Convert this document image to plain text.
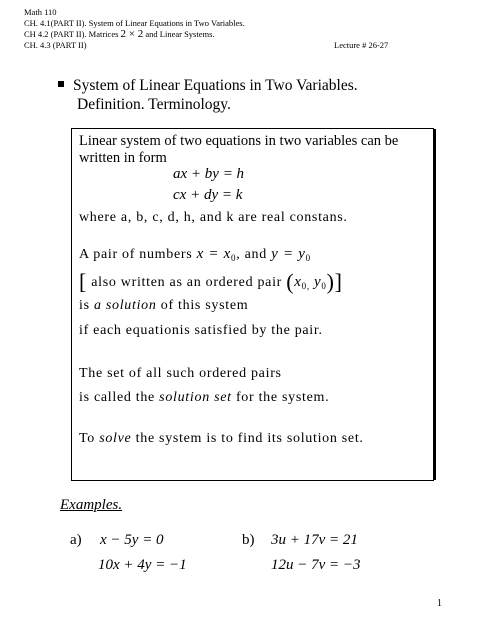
Math 110
CH. 4.1(PART II). System of Linear Equations in Two Variables.
CH 4.2 (PART II). Matrices 2 × 2 and Linear Systems.
CH. 4.3 (PART II)	Lecture # 26-27
System of Linear Equations in Two Variables.
Definition. Terminology.
Linear system of two equations in two variables can be
written in form
ax + by = h
cx + dy = k
where a, b, c, d, h, and k are real constans.
A pair of numbers $x = x_0$, and $y = y_0$
[ also written as an ordered pair ($x_{0,}$ $y_0$)]
is a solution of this system
if each equationis satisfied by the pair.
The set of all such ordered pairs
is called the solution set for the system.
To solve the system is to find its solution set.
Examples.
a) x − 5y = 0
10x + 4y = −1
b) 3u + 17v = 21
12u − 7v = −3
1
